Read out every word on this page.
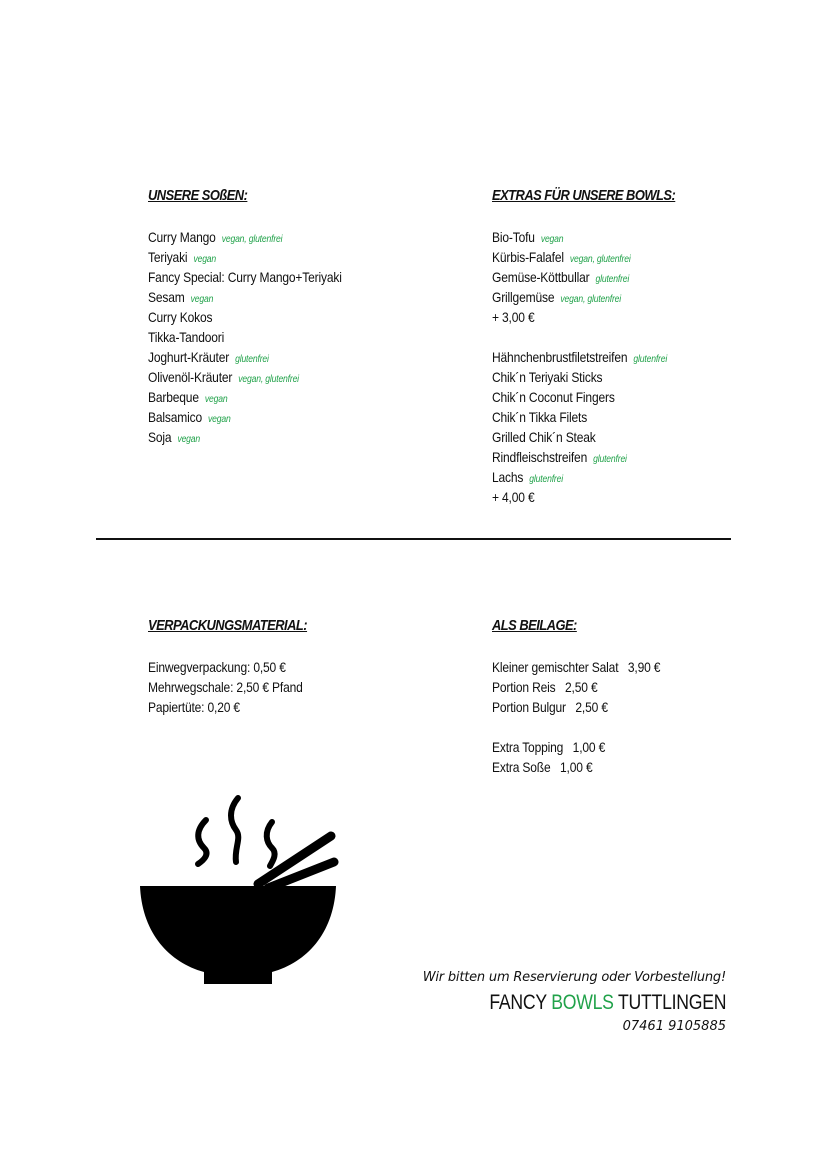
UNSERE SOßEN:
Curry Mango vegan, glutenfrei
Teriyaki vegan
Fancy Special: Curry Mango+Teriyaki
Sesam vegan
Curry Kokos
Tikka-Tandoori
Joghurt-Kräuter glutenfrei
Olivenöl-Kräuter vegan, glutenfrei
Barbeque vegan
Balsamico vegan
Soja vegan
EXTRAS FÜR UNSERE BOWLS:
Bio-Tofu vegan
Kürbis-Falafel vegan, glutenfrei
Gemüse-Köttbullar glutenfrei
Grillgemüse vegan, glutenfrei
+ 3,00 €
Hähnchenbrustfiletstreifen glutenfrei
Chik´n Teriyaki Sticks
Chik´n Coconut Fingers
Chik´n Tikka Filets
Grilled Chik´n Steak
Rindfleischstreifen glutenfrei
Lachs glutenfrei
+ 4,00 €
VERPACKUNGSMATERIAL:
Einwegverpackung: 0,50 €
Mehrwegschale: 2,50 € Pfand
Papiertüte: 0,20 €
ALS BEILAGE:
Kleiner gemischter Salat   3,90 €
Portion Reis   2,50 €
Portion Bulgur   2,50 €
Extra Topping   1,00 €
Extra Soße   1,00 €
Wir bitten um Reservierung oder Vorbestellung!
FANCY BOWLS TUTTLINGEN
07461 9105885
